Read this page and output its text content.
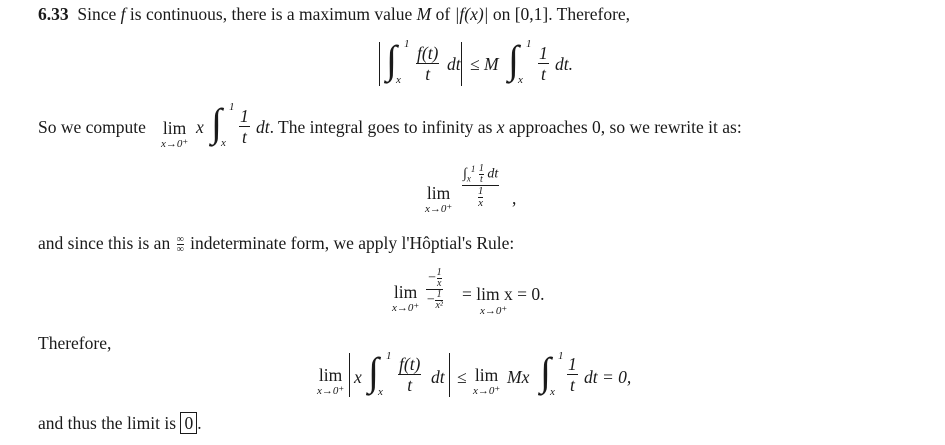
6.33 Since f is continuous, there is a maximum value M of |f(x)| on [0,1]. Therefore,
∫ 1
x $\frac{f(t)}{t}$ dt ≤ M ∫ 1
x $\frac{1}{t}$ dt.
So we compute lim
x→0⁺
x ∫ 1
x $\frac{1}{t}$ dt. The integral goes to infinity as x approaches 0, so we rewrite it as:
lim
$x\to 0^+ \frac{\int_x^1 \frac{1}{t} dt}{\frac{1}{x}}$ ,
and since this is an ∞
∞ indeterminate form, we apply l'Hôptial's Rule:
lim
$x\to 0^+ \frac{- \frac{1}{x}}{- \frac{1}{\text{x²}}} = \lim x = 0$.
x→0⁺
Therefore,
lim
x→0⁺
x ∫ 1
x $\frac{f(t)}{t}$ dt ≤ lim
x→0⁺
Mx ∫ 1
x $\frac{1}{t}$ dt = 0,
and thus the limit is 0 .
